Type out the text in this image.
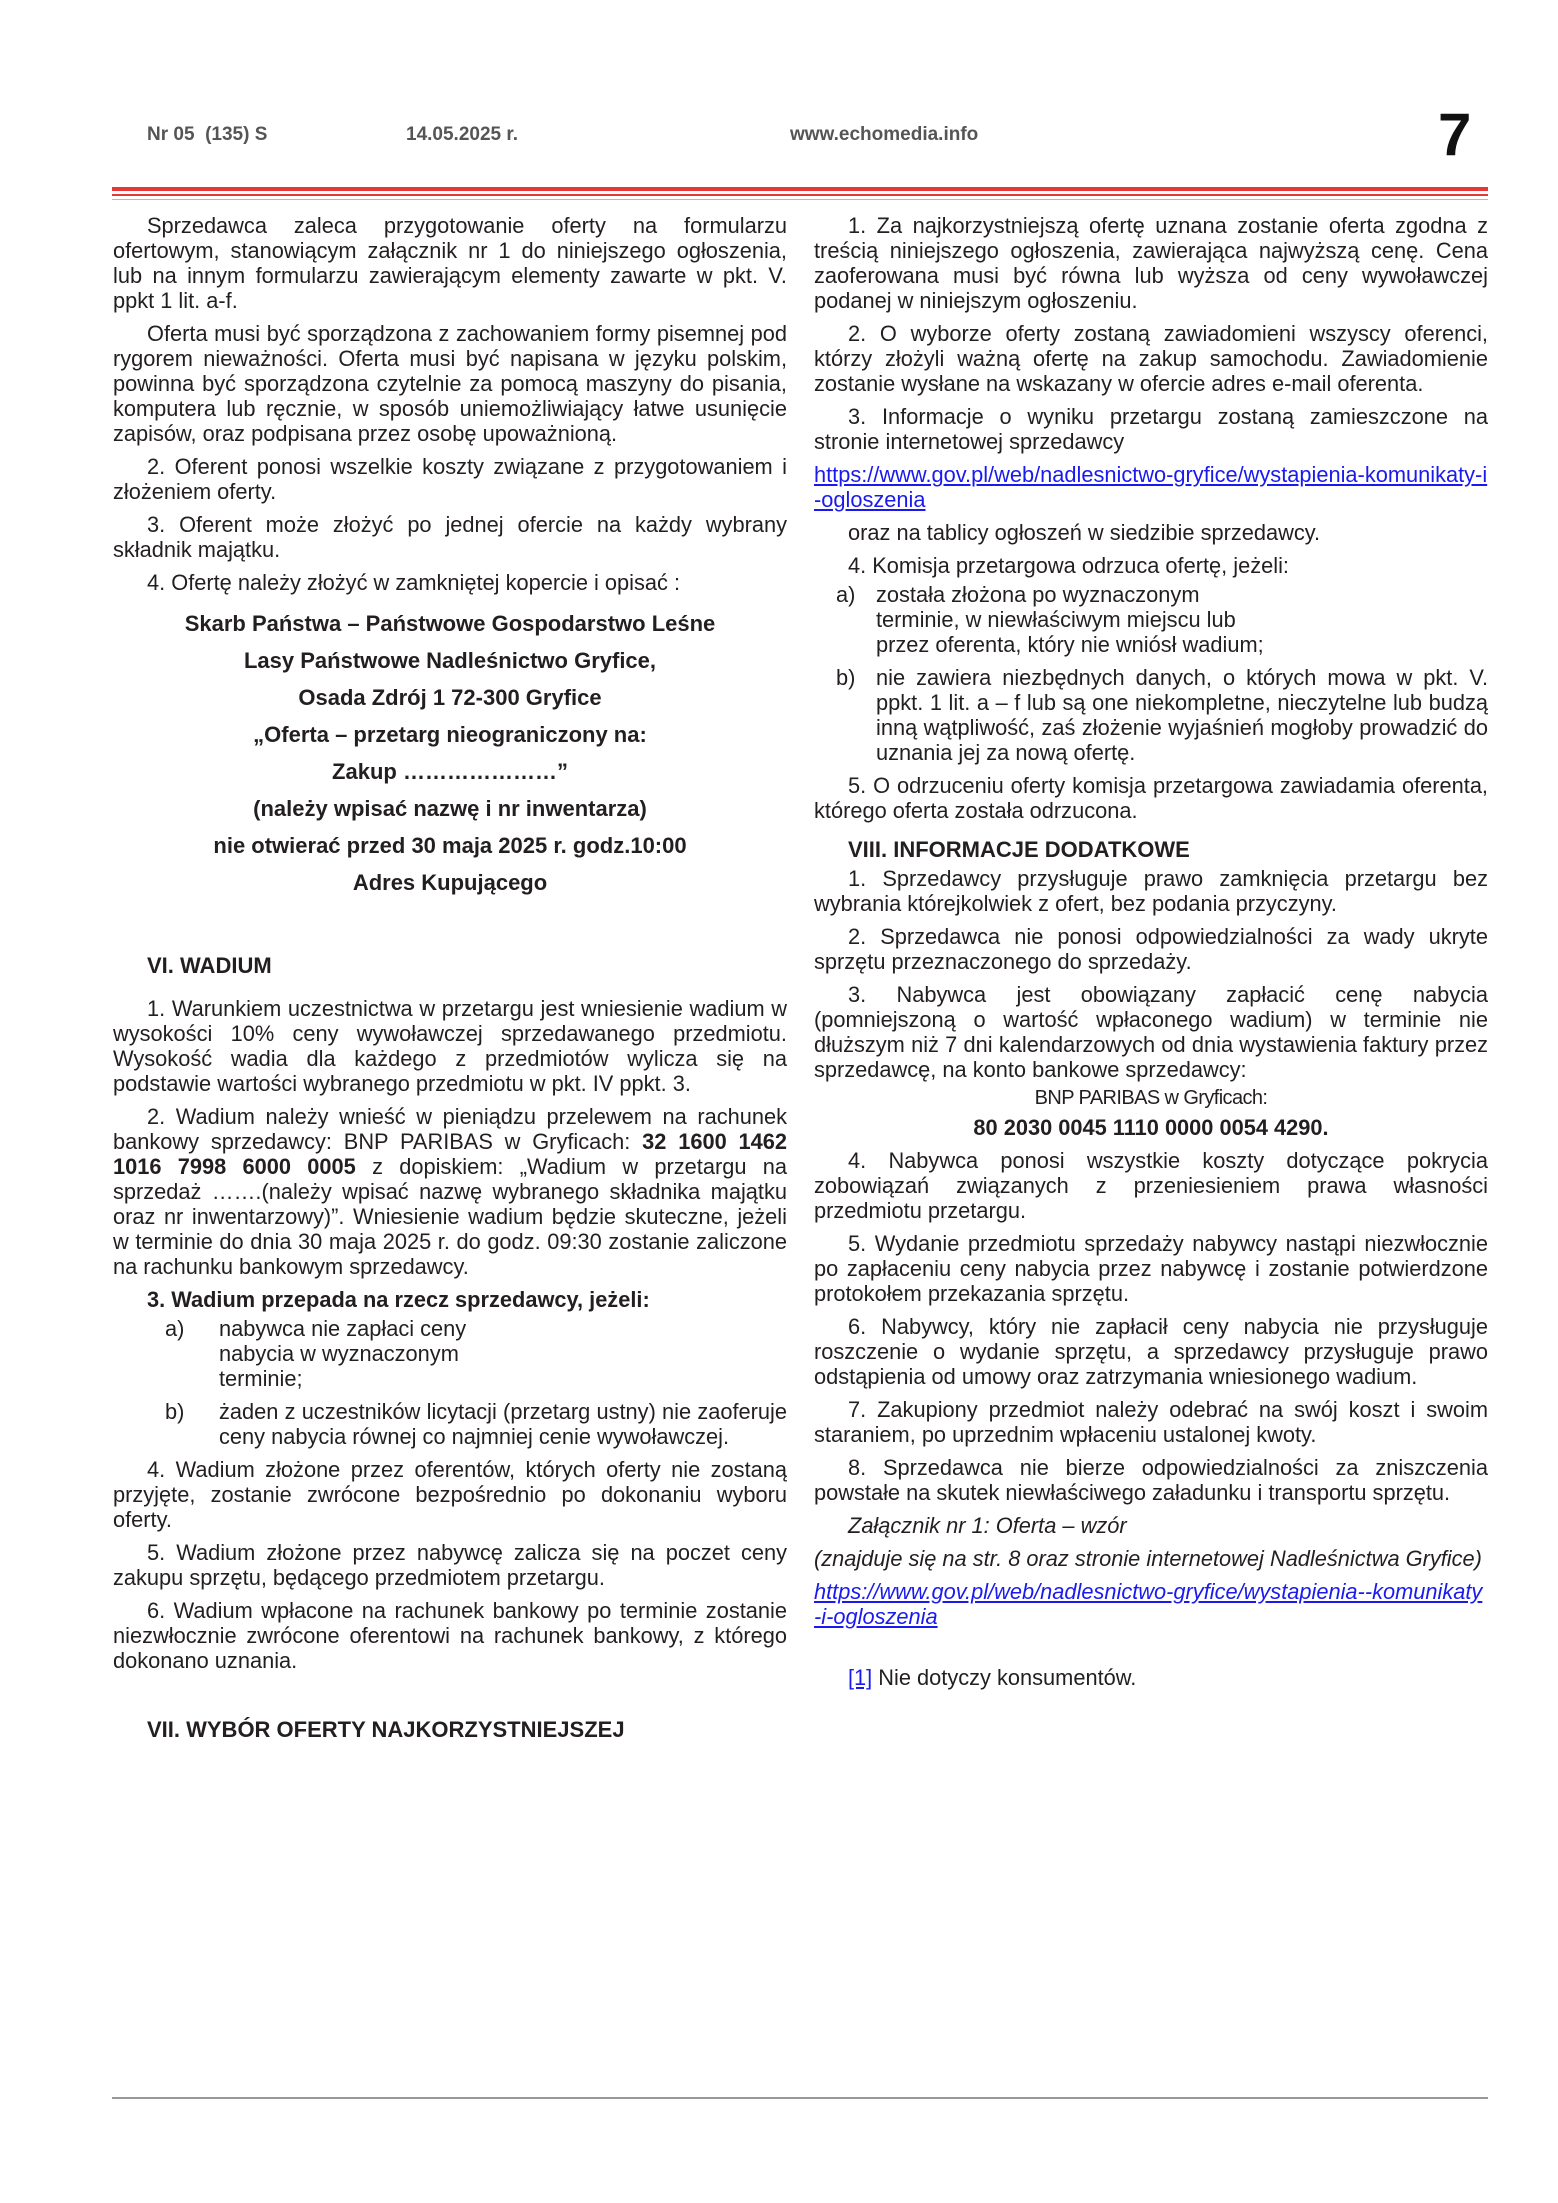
Nr 05  (135) S	14.05.2025 r.	www.echomedia.info	7

Sprzedawca zaleca przygotowanie oferty na formularzu ofertowym, stanowiącym załącznik nr 1 do niniejszego ogłoszenia, lub na innym formularzu zawierającym elementy zawarte w pkt. V. ppkt 1 lit. a-f.

Oferta musi być sporządzona z zachowaniem formy pisemnej pod rygorem nieważności. Oferta musi być napisana w języku polskim, powinna być sporządzona czytelnie za pomocą maszyny do pisania, komputera lub ręcznie, w sposób uniemożliwiający łatwe usunięcie zapisów, oraz podpisana przez osobę upoważnioną.

2. Oferent ponosi wszelkie koszty związane z przygotowaniem i złożeniem oferty.

3. Oferent może złożyć po jednej ofercie na każdy wybrany składnik majątku.

4. Ofertę należy złożyć w zamkniętej kopercie i opisać :

Skarb Państwa – Państwowe Gospodarstwo Leśne
Lasy Państwowe Nadleśnictwo Gryfice,
Osada Zdrój 1 72-300 Gryfice
„Oferta – przetarg nieograniczony na:
Zakup …………………”
(należy wpisać nazwę i nr inwentarza)
nie otwierać przed 30 maja 2025 r. godz.10:00
Adres Kupującego
VI. WADIUM

1. Warunkiem uczestnictwa w przetargu jest wniesienie wadium w wysokości 10% ceny wywoławczej sprzedawanego przedmiotu. Wysokość wadia dla każdego z przedmiotów wylicza się na podstawie wartości wybranego przedmiotu w pkt. IV ppkt. 3.

2. Wadium należy wnieść w pieniądzu przelewem na rachunek bankowy sprzedawcy: BNP PARIBAS w Gryficach: 32 1600 1462 1016 7998 6000 0005 z dopiskiem: „Wadium w przetargu na sprzedaż …….(należy wpisać nazwę wybranego składnika majątku oraz nr inwentarzowy)”. Wniesienie wadium będzie skuteczne, jeżeli w terminie do dnia 30 maja 2025 r. do godz. 09:30 zostanie zaliczone na rachunku bankowym sprzedawcy.

3. Wadium przepada na rzecz sprzedawcy, jeżeli:

a) nabywca nie zapłaci ceny nabycia w wyznaczonym terminie;
b) żaden z uczestników licytacji (przetarg ustny) nie zaoferuje ceny nabycia równej co najmniej cenie wywoławczej.

4. Wadium złożone przez oferentów, których oferty nie zostaną przyjęte, zostanie zwrócone bezpośrednio po dokonaniu wyboru oferty.

5. Wadium złożone przez nabywcę zalicza się na poczet ceny zakupu sprzętu, będącego przedmiotem przetargu.

6. Wadium wpłacone na rachunek bankowy po terminie zostanie niezwłocznie zwrócone oferentowi na rachunek bankowy, z którego dokonano uznania.

VII. WYBÓR OFERTY NAJKORZYSTNIEJSZEJ

1. Za najkorzystniejszą ofertę uznana zostanie oferta zgodna z treścią niniejszego ogłoszenia, zawierająca najwyższą cenę. Cena zaoferowana musi być równa lub wyższa od ceny wywoławczej podanej w niniejszym ogłoszeniu.

2. O wyborze oferty zostaną zawiadomieni wszyscy oferenci, którzy złożyli ważną ofertę na zakup samochodu. Zawiadomienie zostanie wysłane na wskazany w ofercie adres e-mail oferenta.

3. Informacje o wyniku przetargu zostaną zamieszczone na stronie internetowej sprzedawcy

https://www.gov.pl/web/nadlesnictwo-gryfice/wystapienia-komunikaty-i-ogloszenia

oraz na tablicy ogłoszeń w siedzibie sprzedawcy.

4. Komisja przetargowa odrzuca ofertę, jeżeli:

a) została złożona po wyznaczonym terminie, w niewłaściwym miejscu lub przez oferenta, który nie wniósł wadium;
b) nie zawiera niezbędnych danych, o których mowa w pkt. V. ppkt. 1 lit. a – f lub są one niekompletne, nieczytelne lub budzą inną wątpliwość, zaś złożenie wyjaśnień mogłoby prowadzić do uznania jej za nową ofertę.

5. O odrzuceniu oferty komisja przetargowa zawiadamia oferenta, którego oferta została odrzucona.

VIII. INFORMACJE DODATKOWE

1. Sprzedawcy przysługuje prawo zamknięcia przetargu bez wybrania którejkolwiek z ofert, bez podania przyczyny.

2. Sprzedawca nie ponosi odpowiedzialności za wady ukryte sprzętu przeznaczonego do sprzedaży.

3. Nabywca jest obowiązany zapłacić cenę nabycia (pomniejszoną o wartość wpłaconego wadium) w terminie nie dłuższym niż 7 dni kalendarzowych od dnia wystawienia faktury przez sprzedawcę, na konto bankowe sprzedawcy:

BNP PARIBAS w Gryficach:

80 2030 0045 1110 0000 0054 4290.

4. Nabywca ponosi wszystkie koszty dotyczące pokrycia zobowiązań związanych z przeniesieniem prawa własności przedmiotu przetargu.

5. Wydanie przedmiotu sprzedaży nabywcy nastąpi niezwłocznie po zapłaceniu ceny nabycia przez nabywcę i zostanie potwierdzone protokołem przekazania sprzętu.

6. Nabywcy, który nie zapłacił ceny nabycia nie przysługuje roszczenie o wydanie sprzętu, a sprzedawcy przysługuje prawo odstąpienia od umowy oraz zatrzymania wniesionego wadium.

7. Zakupiony przedmiot należy odebrać na swój koszt i swoim staraniem, po uprzednim wpłaceniu ustalonej kwoty.

8. Sprzedawca nie bierze odpowiedzialności za zniszczenia powstałe na skutek niewłaściwego załadunku i transportu sprzętu.

Załącznik nr 1: Oferta – wzór

(znajduje się na str. 8 oraz stronie internetowej Nadleśnictwa Gryfice)

https://www.gov.pl/web/nadlesnictwo-gryfice/wystapienia--komunikaty-i-ogloszenia

[1] Nie dotyczy konsumentów.
